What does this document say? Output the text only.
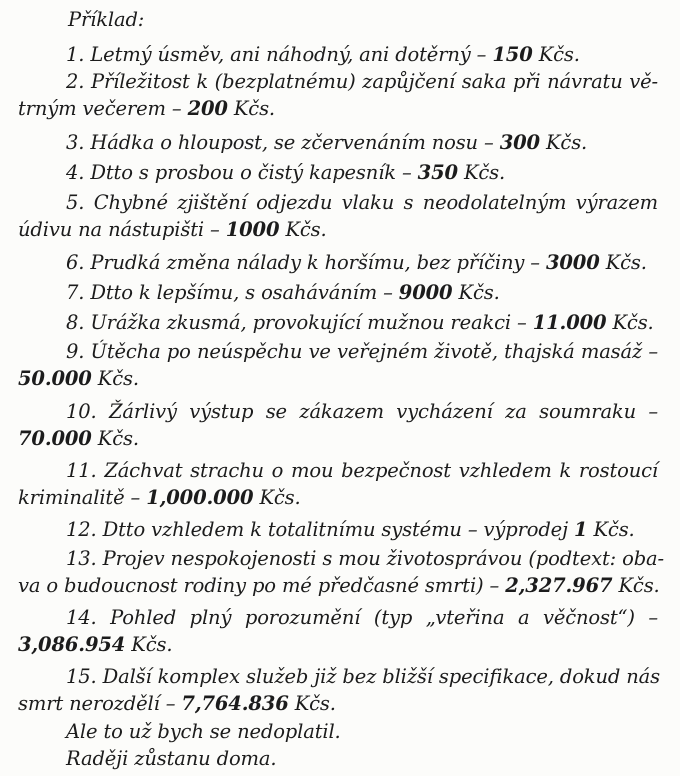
Příklad:
1. Letmý úsměv, ani náhodný, ani dotěrný – 150 Kčs.
2. Příležitost k (bezplatnému) zapůjčení saka při návratu vě-
trným večerem – 200 Kčs.
3. Hádka o hloupost, se zčervenáním nosu – 300 Kčs.
4. Dtto s prosbou o čistý kapesník – 350 Kčs.
5. Chybné zjištění odjezdu vlaku s neodolatelným výrazem
údivu na nástupišti – 1000 Kčs.
6. Prudká změna nálady k horšímu, bez příčiny – 3000 Kčs.
7. Dtto k lepšímu, s osaháváním – 9000 Kčs.
8. Urážka zkusmá, provokující mužnou reakci – 11.000 Kčs.
9. Útěcha po neúspěchu ve veřejném životě, thajská masáž –
50.000 Kčs.
10. Žárlivý výstup se zákazem vycházení za soumraku –
70.000 Kčs.
11. Záchvat strachu o mou bezpečnost vzhledem k rostoucí
kriminalitě – 1,000.000 Kčs.
12. Dtto vzhledem k totalitnímu systému – výprodej 1 Kčs.
13. Projev nespokojenosti s mou životosprávou (podtext: oba-
va o budoucnost rodiny po mé předčasné smrti) – 2,327.967 Kčs.
14. Pohled plný porozumění (typ „vteřina a věčnost“) –
3,086.954 Kčs.
15. Další komplex služeb již bez bližší specifikace, dokud nás
smrt nerozdělí – 7,764.836 Kčs.
Ale to už bych se nedoplatil.
Raději zůstanu doma.
